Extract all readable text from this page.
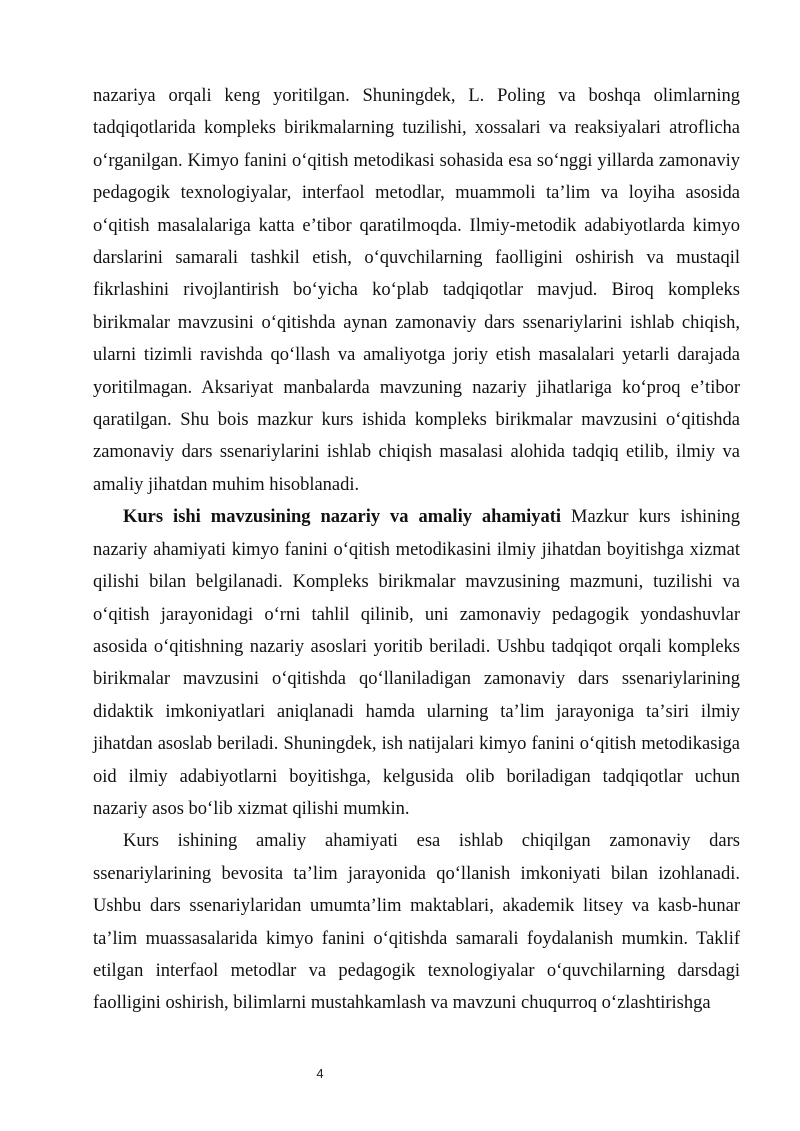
nazariya orqali keng yoritilgan. Shuningdek, L. Poling va boshqa olimlarning tadqiqotlarida kompleks birikmalarning tuzilishi, xossalari va reaksiyalari atroflicha oʻrganilgan. Kimyo fanini oʻqitish metodikasi sohasida esa soʻnggi yillarda zamonaviy pedagogik texnologiyalar, interfaol metodlar, muammoli taʼlim va loyiha asosida oʻqitish masalalariga katta eʼtibor qaratilmoqda. Ilmiy-metodik adabiyotlarda kimyo darslarini samarali tashkil etish, oʻquvchilarning faolligini oshirish va mustaqil fikrlashini rivojlantirish boʻyicha koʻplab tadqiqotlar mavjud. Biroq kompleks birikmalar mavzusini oʻqitishda aynan zamonaviy dars ssenariylarini ishlab chiqish, ularni tizimli ravishda qoʻllash va amaliyotga joriy etish masalalari yetarli darajada yoritilmagan. Aksariyat manbalarda mavzuning nazariy jihatlariga koʻproq eʼtibor qaratilgan. Shu bois mazkur kurs ishida kompleks birikmalar mavzusini oʻqitishda zamonaviy dars ssenariylarini ishlab chiqish masalasi alohida tadqiq etilib, ilmiy va amaliy jihatdan muhim hisoblanadi.

Kurs ishi mavzusining nazariy va amaliy ahamiyati Mazkur kurs ishining nazariy ahamiyati kimyo fanini oʻqitish metodikasini ilmiy jihatdan boyitishga xizmat qilishi bilan belgilanadi. Kompleks birikmalar mavzusining mazmuni, tuzilishi va oʻqitish jarayonidagi oʻrni tahlil qilinib, uni zamonaviy pedagogik yondashuvlar asosida oʻqitishning nazariy asoslari yoritib beriladi. Ushbu tadqiqot orqali kompleks birikmalar mavzusini oʻqitishda qoʻllaniladigan zamonaviy dars ssenariylarining didaktik imkoniyatlari aniqlanadi hamda ularning taʼlim jarayoniga taʼsiri ilmiy jihatdan asoslab beriladi. Shuningdek, ish natijalari kimyo fanini oʻqitish metodikasiga oid ilmiy adabiyotlarni boyitishga, kelgusida olib boriladigan tadqiqotlar uchun nazariy asos boʻlib xizmat qilishi mumkin.

Kurs ishining amaliy ahamiyati esa ishlab chiqilgan zamonaviy dars ssenariylarining bevosita taʼlim jarayonida qoʻllanish imkoniyati bilan izohlanadi. Ushbu dars ssenariylaridan umumtaʼlim maktablari, akademik litsey va kasb-hunar taʼlim muassasalarida kimyo fanini oʻqitishda samarali foydalanish mumkin. Taklif etilgan interfaol metodlar va pedagogik texnologiyalar oʻquvchilarning darsdagi faolligini oshirish, bilimlarni mustahkamlash va mavzuni chuqurroq oʻzlashtirishga

4
